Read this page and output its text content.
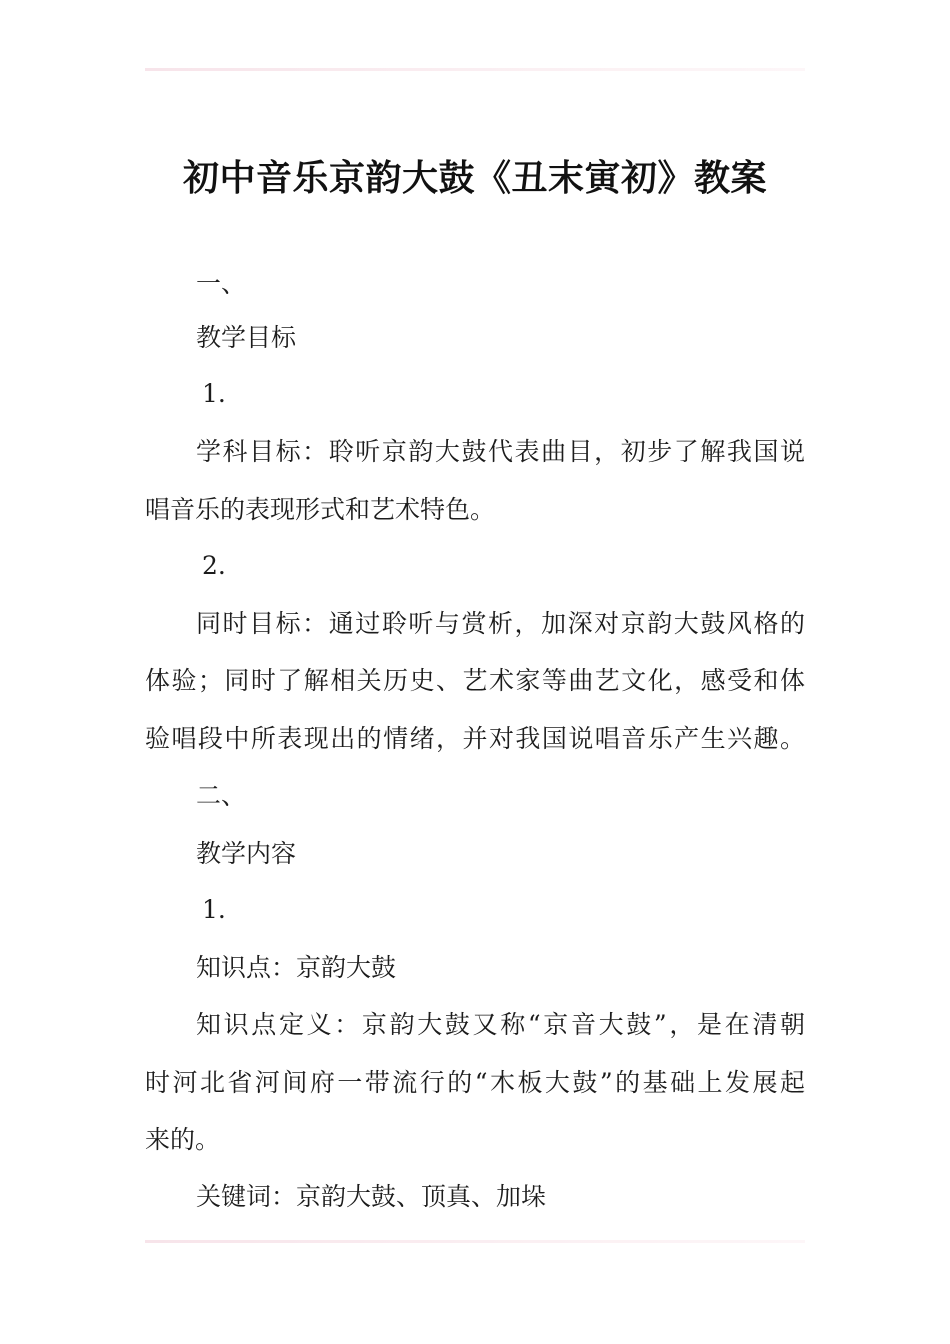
初中音乐京韵大鼓《丑末寅初》教案
一、
教学目标
1.
学科目标：聆听京韵大鼓代表曲目，初步了解我国说
唱音乐的表现形式和艺术特色。
2.
同时目标：通过聆听与赏析，加深对京韵大鼓风格的
体验；同时了解相关历史、艺术家等曲艺文化，感受和体
验唱段中所表现出的情绪，并对我国说唱音乐产生兴趣。
二、
教学内容
1.
知识点：京韵大鼓
知识点定义：京韵大鼓又称“京音大鼓”，是在清朝
时河北省河间府一带流行的“木板大鼓”的基础上发展起
来的。
关键词：京韵大鼓、顶真、加垛
